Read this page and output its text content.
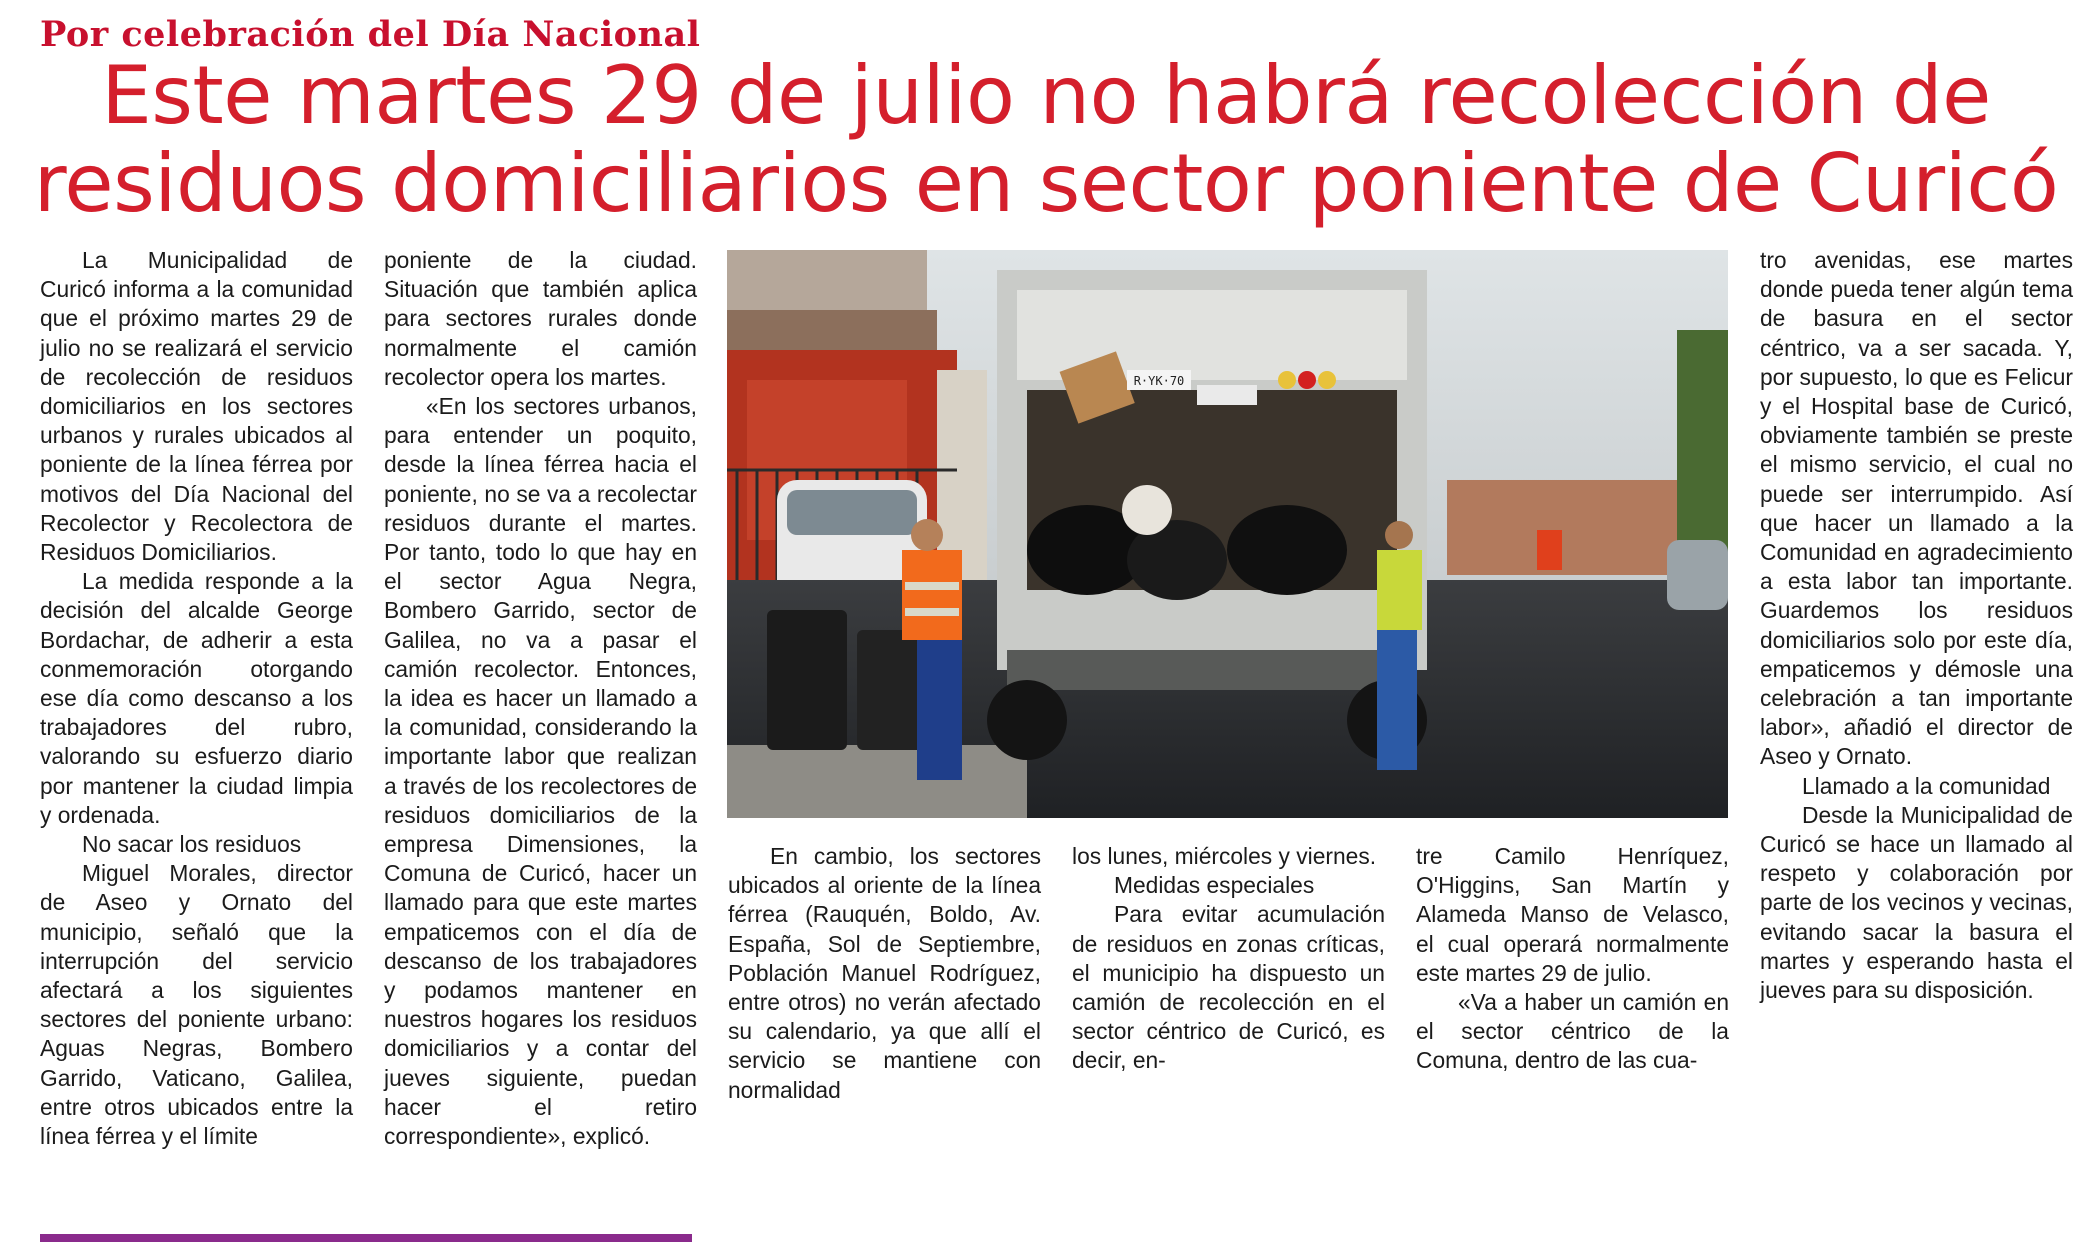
Por celebración del Día Nacional
Este martes 29 de julio no habrá recolección de
residuos domiciliarios en sector poniente de Curicó

La Municipalidad de Curicó informa a la comunidad que el próximo martes 29 de julio no se realizará el servicio de recolección de residuos domiciliarios en los sectores urbanos y rurales ubicados al poniente de la línea férrea por motivos del Día Nacional del Recolector y Recolectora de Residuos Domiciliarios.

La medida responde a la decisión del alcalde George Bordachar, de adherir a esta conmemoración otorgando ese día como descanso a los trabajadores del rubro, valorando su esfuerzo diario por mantener la ciudad limpia y ordenada.

No sacar los residuos

Miguel Morales, director de Aseo y Ornato del municipio, señaló que la interrupción del servicio afectará a los siguientes sectores del poniente urbano: Aguas Negras, Bombero Garrido, Vaticano, Galilea, entre otros ubicados entre la línea férrea y el límite

poniente de la ciudad. Situación que también aplica para sectores rurales donde normalmente el camión recolector opera los martes.

«En los sectores urbanos, para entender un poquito, desde la línea férrea hacia el poniente, no se va a recolectar residuos durante el martes. Por tanto, todo lo que hay en el sector Agua Negra, Bombero Garrido, sector de Galilea, no va a pasar el camión recolector. Entonces, la idea es hacer un llamado a la comunidad, considerando la importante labor que realizan a través de los recolectores de residuos domiciliarios de la empresa Dimensiones, la Comuna de Curicó, hacer un llamado para que este martes empaticemos con el día de descanso de los trabajadores y podamos mantener en nuestros hogares los residuos domiciliarios y a contar del jueves siguiente, puedan hacer el retiro correspondiente», explicó.

R·YK·70

En cambio, los sectores ubicados al oriente de la línea férrea (Rauquén, Boldo, Av. España, Sol de Septiembre, Población Manuel Rodríguez, entre otros) no verán afectado su calendario, ya que allí el servicio se mantiene con normalidad

los lunes, miércoles y viernes.

Medidas especiales

Para evitar acumulación de residuos en zonas críticas, el municipio ha dispuesto un camión de recolección en el sector céntrico de Curicó, es decir, en-

tre Camilo Henríquez, O'Higgins, San Martín y Alameda Manso de Velasco, el cual operará normalmente este martes 29 de julio.

«Va a haber un camión en el sector céntrico de la Comuna, dentro de las cua-

tro avenidas, ese martes donde pueda tener algún tema de basura en el sector céntrico, va a ser sacada. Y, por supuesto, lo que es Felicur y el Hospital base de Curicó, obviamente también se preste el mismo servicio, el cual no puede ser interrumpido. Así que hacer un llamado a la Comunidad en agradecimiento a esta labor tan importante. Guardemos los residuos domiciliarios solo por este día, empaticemos y démosle una celebración a tan importante labor», añadió el director de Aseo y Ornato.

Llamado a la comunidad

Desde la Municipalidad de Curicó se hace un llamado al respeto y colaboración por parte de los vecinos y vecinas, evitando sacar la basura el martes y esperando hasta el jueves para su disposición.
